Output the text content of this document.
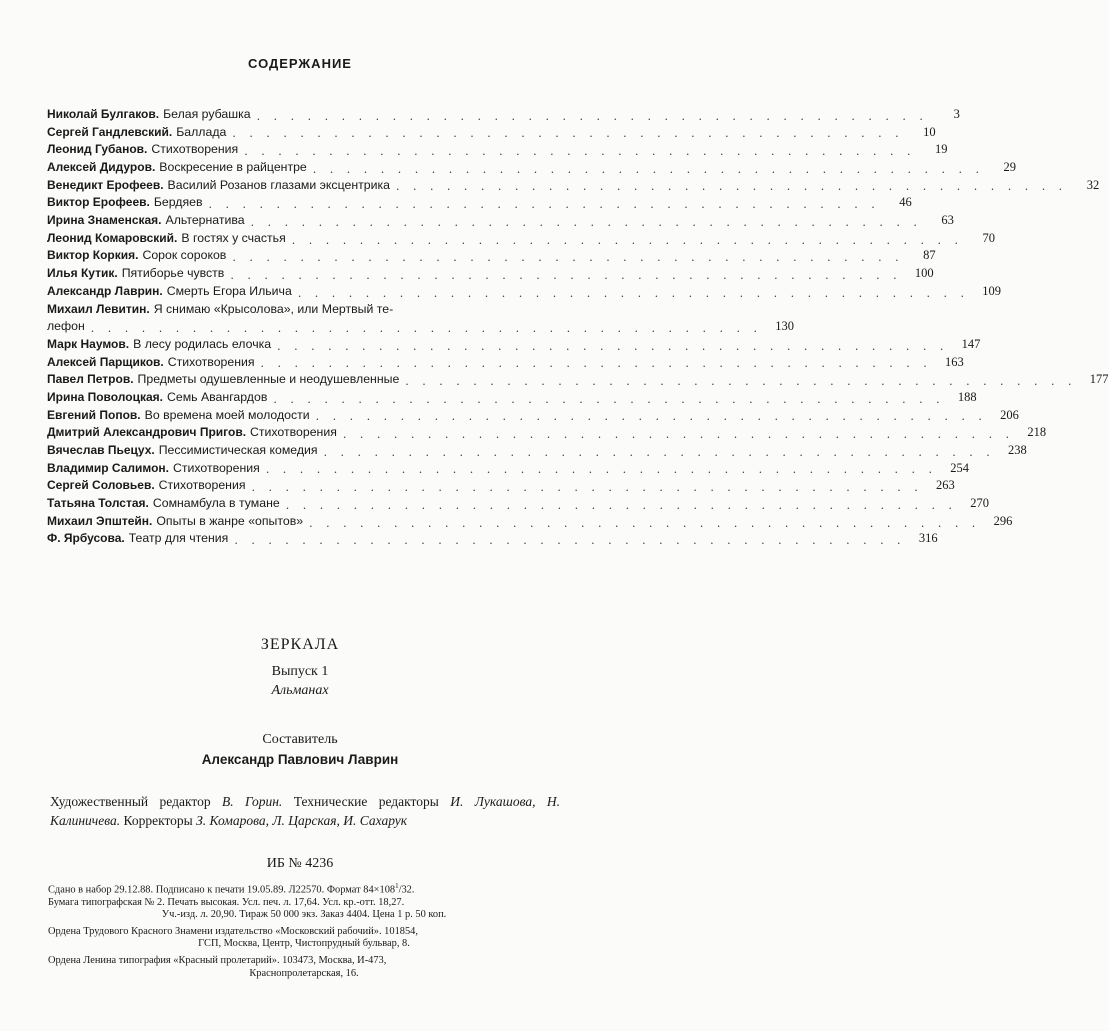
СОДЕРЖАНИЕ
Николай Булгаков. Белая рубашка . . . . . . . . . . . . . . . . . . . . . . . . . . . . . . . . . . . . . . . .	3
Сергей Гандлевский. Баллада . . . . . . . . . . . . . . . . . . . . . . . . . . . . . . . . . . . . . . . .	10
Леонид Губанов. Стихотворения . . . . . . . . . . . . . . . . . . . . . . . . . . . . . . . . . . . . . . . .	19
Алексей Дидуров. Воскресение в райцентре . . . . . . . . . . . . . . . . . . . . . . . . . . . . . . . . . . . . . . . .	29
Венедикт Ерофеев. Василий Розанов глазами эксцентрика . . . . . . . . . . . . . . . . . . . . . . . . . . . . . . . . . . . . . . . .	32
Виктор Ерофеев. Бердяев . . . . . . . . . . . . . . . . . . . . . . . . . . . . . . . . . . . . . . . .	46
Ирина Знаменская. Альтернатива . . . . . . . . . . . . . . . . . . . . . . . . . . . . . . . . . . . . . . . .	63
Леонид Комаровский. В гостях у счастья . . . . . . . . . . . . . . . . . . . . . . . . . . . . . . . . . . . . . . . .	70
Виктор Коркия. Сорок сороков . . . . . . . . . . . . . . . . . . . . . . . . . . . . . . . . . . . . . . . .	87
Илья Кутик. Пятиборье чувств . . . . . . . . . . . . . . . . . . . . . . . . . . . . . . . . . . . . . . . .	100
Александр Лаврин. Смерть Егора Ильича . . . . . . . . . . . . . . . . . . . . . . . . . . . . . . . . . . . . . . . .	109
Михаил Левитин. Я снимаю «Крысолова», или Мертвый те-
лефон . . . . . . . . . . . . . . . . . . . . . . . . . . . . . . . . . . . . . . . .	130
Марк Наумов. В лесу родилась елочка . . . . . . . . . . . . . . . . . . . . . . . . . . . . . . . . . . . . . . . .	147
Алексей Парщиков. Стихотворения . . . . . . . . . . . . . . . . . . . . . . . . . . . . . . . . . . . . . . . .	163
Павел Петров. Предметы одушевленные и неодушевленные . . . . . . . . . . . . . . . . . . . . . . . . . . . . . . . . . . . . . . . .	177
Ирина Поволоцкая. Семь Авангардов . . . . . . . . . . . . . . . . . . . . . . . . . . . . . . . . . . . . . . . .	188
Евгений Попов. Во времена моей молодости . . . . . . . . . . . . . . . . . . . . . . . . . . . . . . . . . . . . . . . .	206
Дмитрий Александрович Пригов. Стихотворения . . . . . . . . . . . . . . . . . . . . . . . . . . . . . . . . . . . . . . . .	218
Вячеслав Пьецух. Пессимистическая комедия . . . . . . . . . . . . . . . . . . . . . . . . . . . . . . . . . . . . . . . .	238
Владимир Салимон. Стихотворения . . . . . . . . . . . . . . . . . . . . . . . . . . . . . . . . . . . . . . . .	254
Сергей Соловьев. Стихотворения . . . . . . . . . . . . . . . . . . . . . . . . . . . . . . . . . . . . . . . .	263
Татьяна Толстая. Сомнамбула в тумане . . . . . . . . . . . . . . . . . . . . . . . . . . . . . . . . . . . . . . . .	270
Михаил Эпштейн. Опыты в жанре «опытов» . . . . . . . . . . . . . . . . . . . . . . . . . . . . . . . . . . . . . . . .	296
Ф. Ярбусова. Театр для чтения . . . . . . . . . . . . . . . . . . . . . . . . . . . . . . . . . . . . . . . .	316
ЗЕРКАЛА
Выпуск 1
Альманах
Составитель
Александр Павлович Лаврин
Художественный редактор В. Горин. Технические редакторы И. Лукашова, Н. Калиничева. Корректоры З. Комарова, Л. Царская, И. Сахарук
ИБ № 4236

Сдано в набор 29.12.88. Подписано к печати 19.05.89. Л22570. Формат $84\times 108^1/32$.

Бумага типографская № 2. Печать высокая. Усл. печ. л. 17,64. Усл. кр.-отт. 18,27.

Уч.-изд. л. 20,90. Тираж 50 000 экз. Заказ 4404. Цена 1 р. 50 коп.

Ордена Трудового Красного Знамени издательство «Московский рабочий». 101854,

ГСП, Москва, Центр, Чистопрудный бульвар, 8.

Ордена Ленина типография «Красный пролетарий». 103473, Москва, И-473,

Краснопролетарская, 16.
